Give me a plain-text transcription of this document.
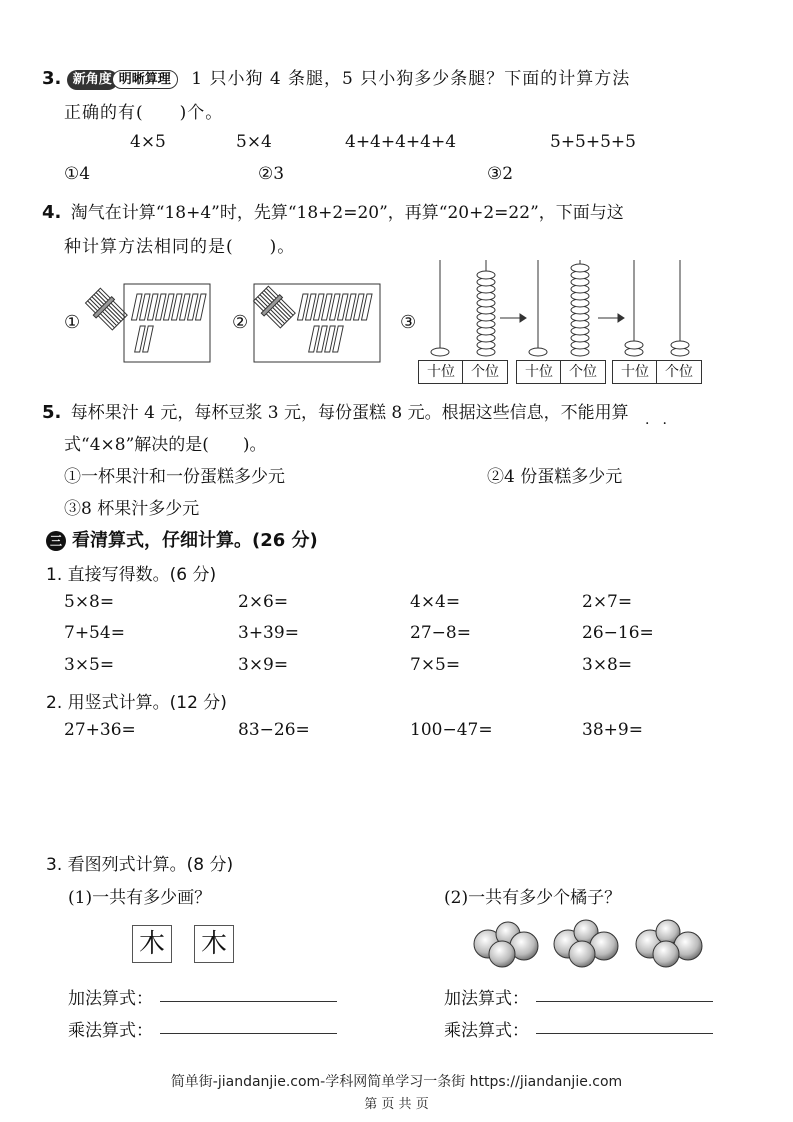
3. 新角度 明晰算理 1 只小狗 4 条腿，5 只小狗多少条腿？下面的计算方法
正确的有(　　)个。
4×5	5×4	4+4+4+4+4	5+5+5+5
①4	②3	③2
4. 淘气在计算“18+4”时，先算“18+2=20”，再算“20+2=22”，下面与这
种计算方法相同的是(　　)。
①	②	③
十位	个位	十位	个位	十位	个位
5. 每杯果汁 4 元，每杯豆浆 3 元，每份蛋糕 8 元。根据这些信息，不能用算
··
式“4×8”解决的是(　　)。
①一杯果汁和一份蛋糕多少元	②4 份蛋糕多少元
③8 杯果汁多少元
三 看清算式，仔细计算。(26 分)
1. 直接写得数。(6 分)
5×8=	2×6=	4×4=	2×7=
7+54=	3+39=	27−8=	26−16=
3×5=	3×9=	7×5=	3×8=
2. 用竖式计算。(12 分)
27+36=	83−26=	100−47=	38+9=
3. 看图列式计算。(8 分)
(1)一共有多少画？	(2)一共有多少个橘子？
木 木
加法算式：
乘法算式：
加法算式：
乘法算式：
简单街-jiandanjie.com-学科网简单学习一条街 https://jiandanjie.com
第 页 共 页
